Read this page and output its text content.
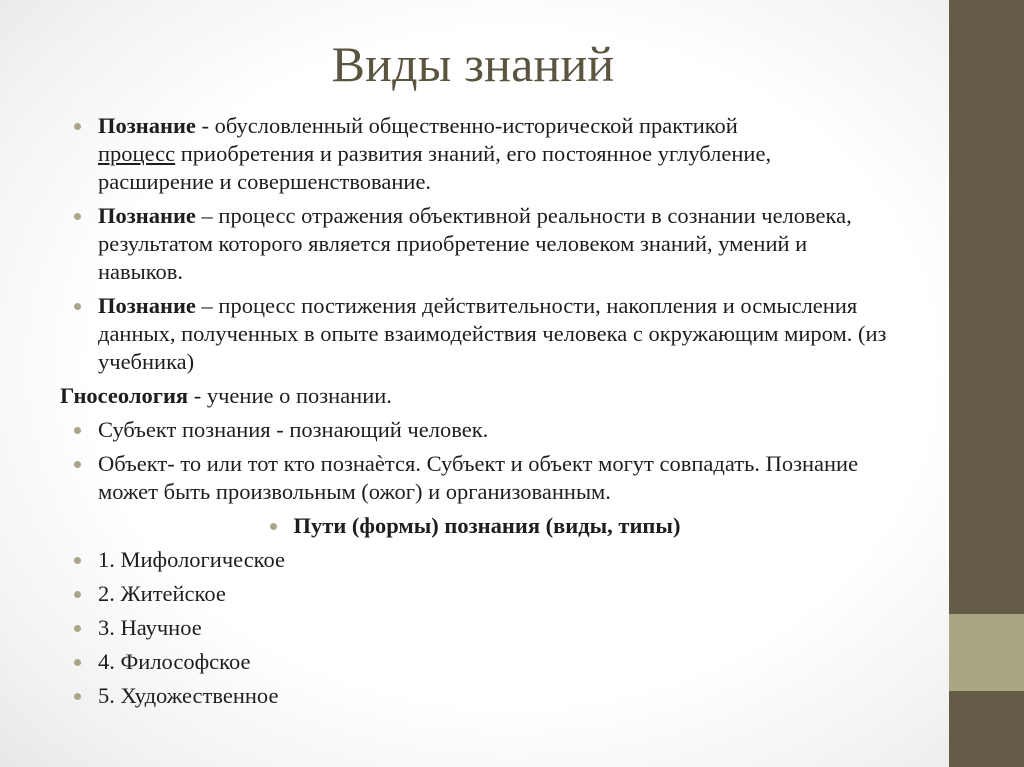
Виды знаний
Познание - обусловленный общественно-исторической практикой
процесс приобретения и развития знаний, его постоянное углубление, расширение и совершенствование.
Познание – процесс отражения объективной реальности в сознании человека, результатом которого является приобретение человеком знаний, умений и навыков.
Познание – процесс постижения действительности, накопления и осмысления данных, полученных в опыте взаимодействия человека с окружающим миром. (из учебника)
Гносеология - учение о познании.
Субъект познания - познающий человек.
Объект- то или тот кто познаѐтся. Субъект и объект могут совпадать. Познание может быть произвольным (ожог) и организованным.
Пути (формы) познания (виды, типы)
1. Мифологическое
2. Житейское
3. Научное
4. Философское
5. Художественное
